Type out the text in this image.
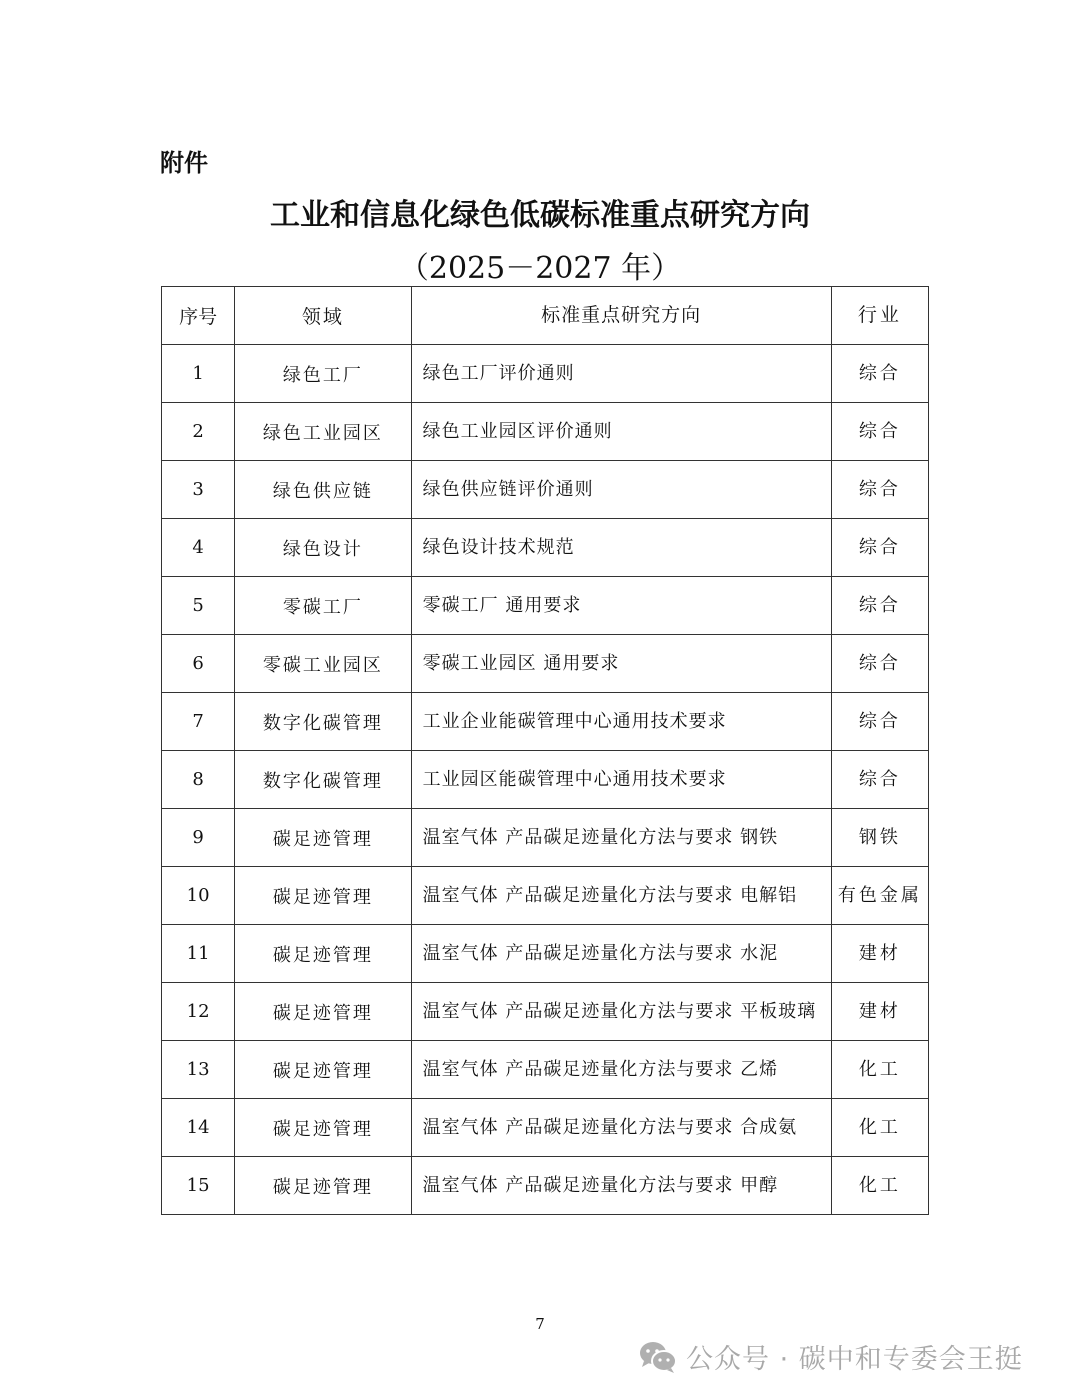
附件
工业和信息化绿色低碳标准重点研究方向
（2025－2027 年）
序号	领域	标准重点研究方向	行业
1	绿色工厂	绿色工厂评价通则	综合
2	绿色工业园区	绿色工业园区评价通则	综合
3	绿色供应链	绿色供应链评价通则	综合
4	绿色设计	绿色设计技术规范	综合
5	零碳工厂	零碳工厂 通用要求	综合
6	零碳工业园区	零碳工业园区 通用要求	综合
7	数字化碳管理	工业企业能碳管理中心通用技术要求	综合
8	数字化碳管理	工业园区能碳管理中心通用技术要求	综合
9	碳足迹管理	温室气体 产品碳足迹量化方法与要求 钢铁	钢铁
10	碳足迹管理	温室气体 产品碳足迹量化方法与要求 电解铝	有色金属
11	碳足迹管理	温室气体 产品碳足迹量化方法与要求 水泥	建材
12	碳足迹管理	温室气体 产品碳足迹量化方法与要求 平板玻璃	建材
13	碳足迹管理	温室气体 产品碳足迹量化方法与要求 乙烯	化工
14	碳足迹管理	温室气体 产品碳足迹量化方法与要求 合成氨	化工
15	碳足迹管理	温室气体 产品碳足迹量化方法与要求 甲醇	化工
7
公众号 · 碳中和专委会王挺
